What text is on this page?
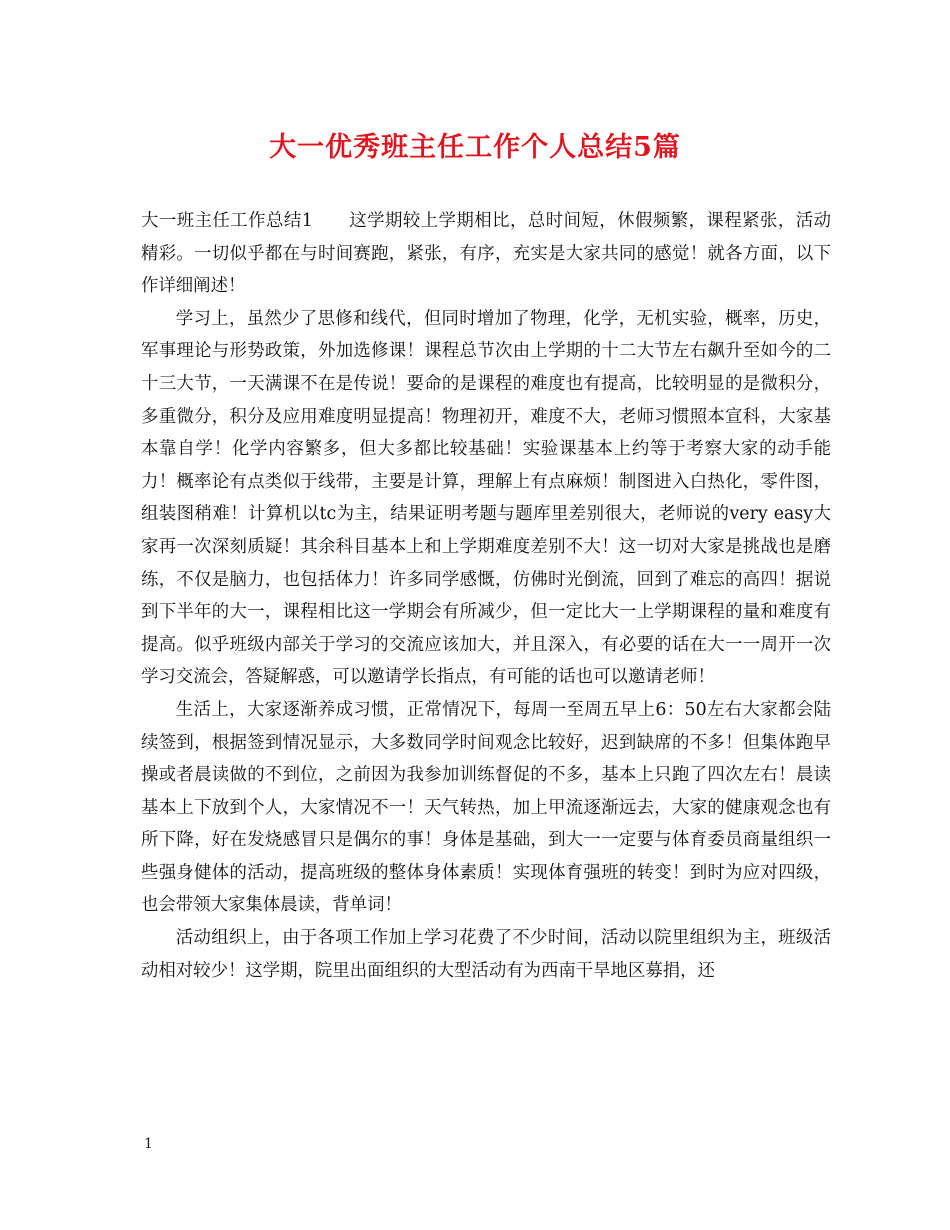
大一优秀班主任工作个人总结5篇

大一班主任工作总结1 这学期较上学期相比，总时间短，休假频繁，课程紧张，活动精彩。一切似乎都在与时间赛跑，紧张，有序，充实是大家共同的感觉！就各方面，以下作详细阐述！

学习上，虽然少了思修和线代，但同时增加了物理，化学，无机实验，概率，历史，军事理论与形势政策，外加选修课！课程总节次由上学期的十二大节左右飙升至如今的二十三大节，一天满课不在是传说！要命的是课程的难度也有提高，比较明显的是微积分，多重微分，积分及应用难度明显提高！物理初开，难度不大，老师习惯照本宣科，大家基本靠自学！化学内容繁多，但大多都比较基础！实验课基本上约等于考察大家的动手能力！概率论有点类似于线带，主要是计算，理解上有点麻烦！制图进入白热化，零件图，组装图稍难！计算机以tc为主，结果证明考题与题库里差别很大，老师说的very easy大家再一次深刻质疑！其余科目基本上和上学期难度差别不大！这一切对大家是挑战也是磨练，不仅是脑力，也包括体力！许多同学感慨，仿佛时光倒流，回到了难忘的高四！据说到下半年的大一，课程相比这一学期会有所减少，但一定比大一上学期课程的量和难度有提高。似乎班级内部关于学习的交流应该加大，并且深入，有必要的话在大一一周开一次学习交流会，答疑解惑，可以邀请学长指点，有可能的话也可以邀请老师！

生活上，大家逐渐养成习惯，正常情况下，每周一至周五早上6：50左右大家都会陆续签到，根据签到情况显示，大多数同学时间观念比较好，迟到缺席的不多！但集体跑早操或者晨读做的不到位，之前因为我参加训练督促的不多，基本上只跑了四次左右！晨读基本上下放到个人，大家情况不一！天气转热，加上甲流逐渐远去，大家的健康观念也有所下降，好在发烧感冒只是偶尔的事！身体是基础，到大一一定要与体育委员商量组织一些强身健体的活动，提高班级的整体身体素质！实现体育强班的转变！到时为应对四级，也会带领大家集体晨读，背单词！

活动组织上，由于各项工作加上学习花费了不少时间，活动以院里组织为主，班级活动相对较少！这学期，院里出面组织的大型活动有为西南干旱地区募捐，还

1
